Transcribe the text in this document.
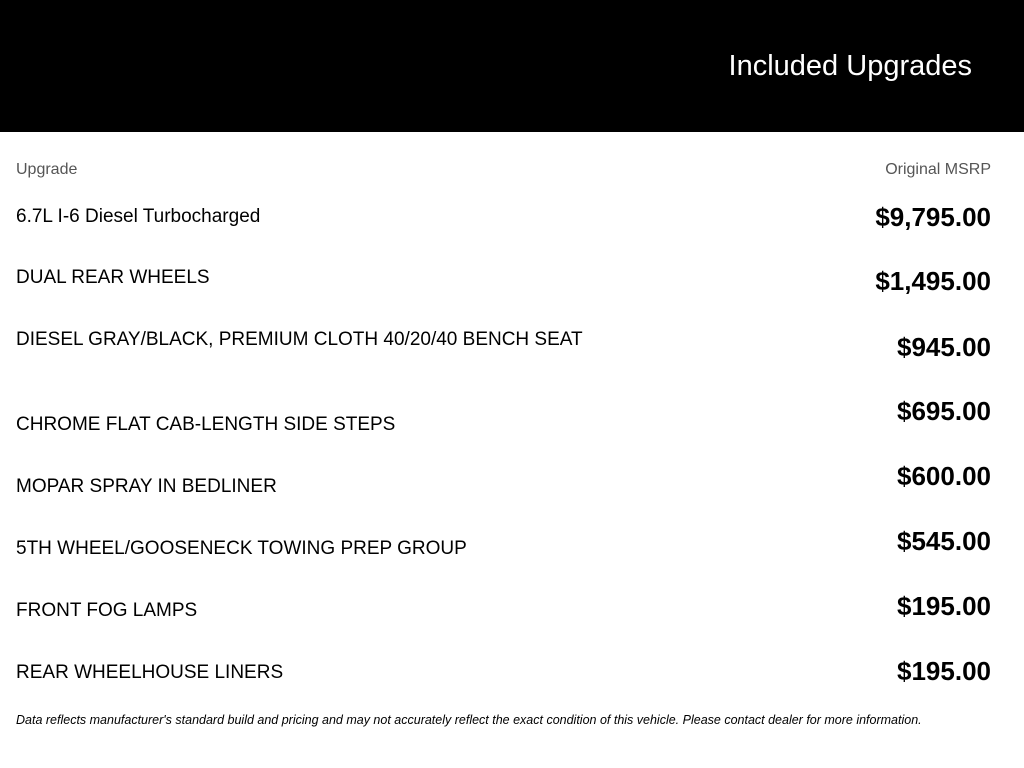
Included Upgrades
Upgrade	Original MSRP
6.7L I-6 Diesel Turbocharged	$9,795.00
DUAL REAR WHEELS	$1,495.00
DIESEL GRAY/BLACK, PREMIUM CLOTH 40/20/40 BENCH SEAT	$945.00
CHROME FLAT CAB-LENGTH SIDE STEPS	$695.00
MOPAR SPRAY IN BEDLINER	$600.00
5TH WHEEL/GOOSENECK TOWING PREP GROUP	$545.00
FRONT FOG LAMPS	$195.00
REAR WHEELHOUSE LINERS	$195.00
Data reflects manufacturer's standard build and pricing and may not accurately reflect the exact condition of this vehicle. Please contact dealer for more information.
